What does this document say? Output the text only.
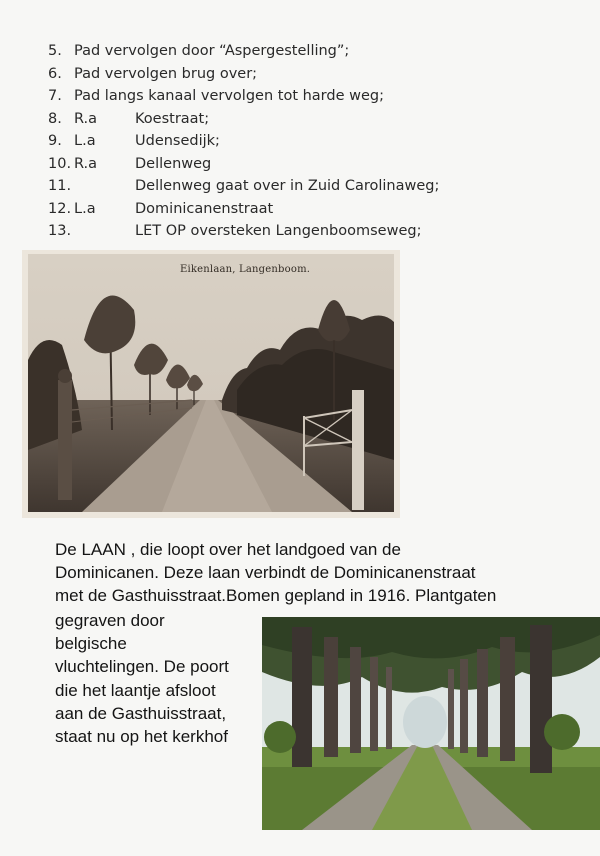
5. Pad vervolgen door “Aspergestelling”;
6. Pad vervolgen brug over;
7. Pad langs kanaal vervolgen tot harde weg;
8. R.a	Koestraat;
9. L.a	Udensedijk;
10. R.a	Dellenweg
11.	Dellenweg gaat over in Zuid Carolinaweg;
12. L.a	Dominicanenstraat
13.	LET OP oversteken Langenboomseweg;
Eikenlaan, Langenboom.
De LAAN , die loopt over het landgoed van de
Dominicanen. Deze laan verbindt de Dominicanenstraat
met de Gasthuisstraat.Bomen gepland in 1916. Plantgaten
gegraven door
belgische
vluchtelingen. De poort
die het laantje afsloot
aan de Gasthuisstraat,
staat nu op het kerkhof
